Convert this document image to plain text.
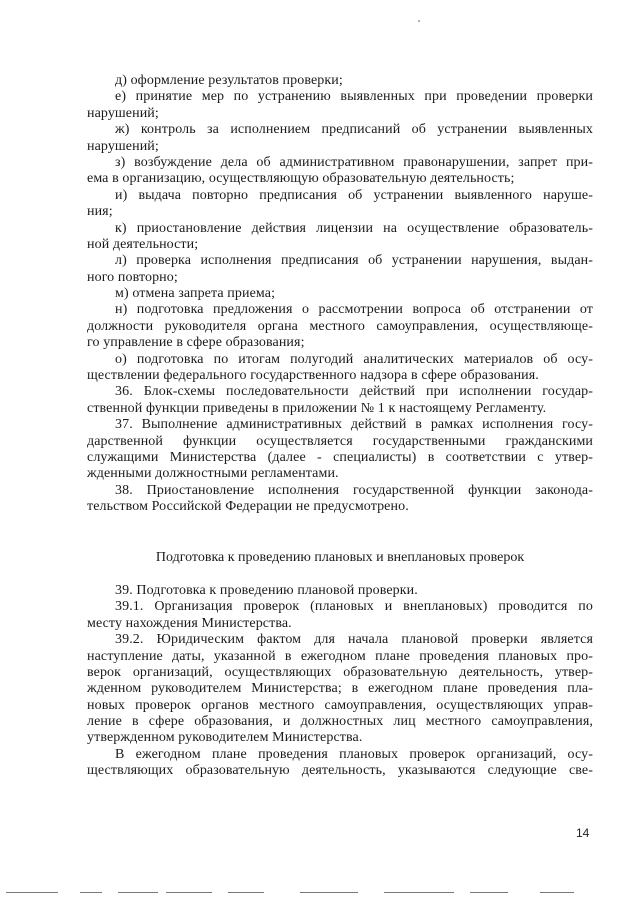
д) оформление результатов проверки;
е) принятие мер по устранению выявленных при проведении проверки
нарушений;
ж) контроль за исполнением предписаний об устранении выявленных
нарушений;
з) возбуждение дела об административном правонарушении, запрет при-
ема в организацию, осуществляющую образовательную деятельность;
и) выдача повторно предписания об устранении выявленного наруше-
ния;
к) приостановление действия лицензии на осуществление образователь-
ной деятельности;
л) проверка исполнения предписания об устранении нарушения, выдан-
ного повторно;
м) отмена запрета приема;
н) подготовка предложения о рассмотрении вопроса об отстранении от
должности руководителя органа местного самоуправления, осуществляюще-
го управление в сфере образования;
о) подготовка по итогам полугодий аналитических материалов об осу-
ществлении федерального государственного надзора в сфере образования.
36. Блок-схемы последовательности действий при исполнении государ-
ственной функции приведены в приложении № 1 к настоящему Регламенту.
37. Выполнение административных действий в рамках исполнения госу-
дарственной функции осуществляется государственными гражданскими
служащими Министерства (далее - специалисты) в соответствии с утвер-
жденными должностными регламентами.
38. Приостановление исполнения государственной функции законода-
тельством Российской Федерации не предусмотрено.
Подготовка к проведению плановых и внеплановых проверок
39. Подготовка к проведению плановой проверки.
39.1. Организация проверок (плановых и внеплановых) проводится по
месту нахождения Министерства.
39.2. Юридическим фактом для начала плановой проверки является
наступление даты, указанной в ежегодном плане проведения плановых про-
верок организаций, осуществляющих образовательную деятельность, утвер-
жденном руководителем Министерства; в ежегодном плане проведения пла-
новых проверок органов местного самоуправления, осуществляющих управ-
ление в сфере образования, и должностных лиц местного самоуправления,
утвержденном руководителем Министерства.
В ежегодном плане проведения плановых проверок организаций, осу-
ществляющих образовательную деятельность, указываются следующие све-
14
